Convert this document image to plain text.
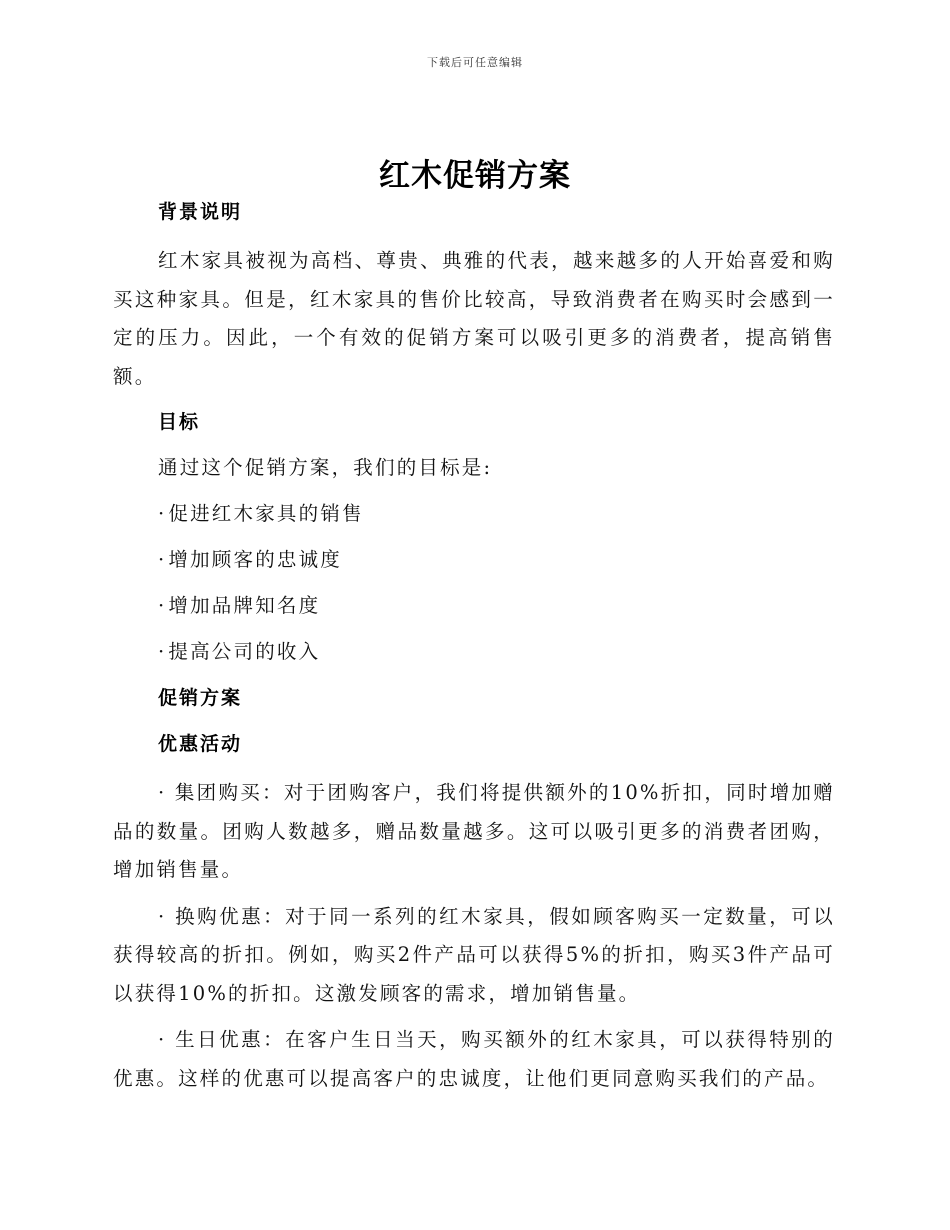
下载后可任意编辑
红木促销方案
背景说明

红木家具被视为高档、尊贵、典雅的代表，越来越多的人开始喜爱和购买这种家具。但是，红木家具的售价比较高，导致消费者在购买时会感到一定的压力。因此，一个有效的促销方案可以吸引更多的消费者，提高销售额。

目标
通过这个促销方案，我们的目标是:
· 促进红木家具的销售
· 增加顾客的忠诚度
· 增加品牌知名度
· 提高公司的收入
促销方案
优惠活动

· 集团购买：对于团购客户，我们将提供额外的10%折扣，同时增加赠品的数量。团购人数越多，赠品数量越多。这可以吸引更多的消费者团购，增加销售量。

· 换购优惠：对于同一系列的红木家具，假如顾客购买一定数量，可以获得较高的折扣。例如，购买2件产品可以获得5%的折扣，购买3件产品可以获得10%的折扣。这激发顾客的需求，增加销售量。

· 生日优惠：在客户生日当天，购买额外的红木家具，可以获得特别的优惠。这样的优惠可以提高客户的忠诚度，让他们更同意购买我们的产品。
